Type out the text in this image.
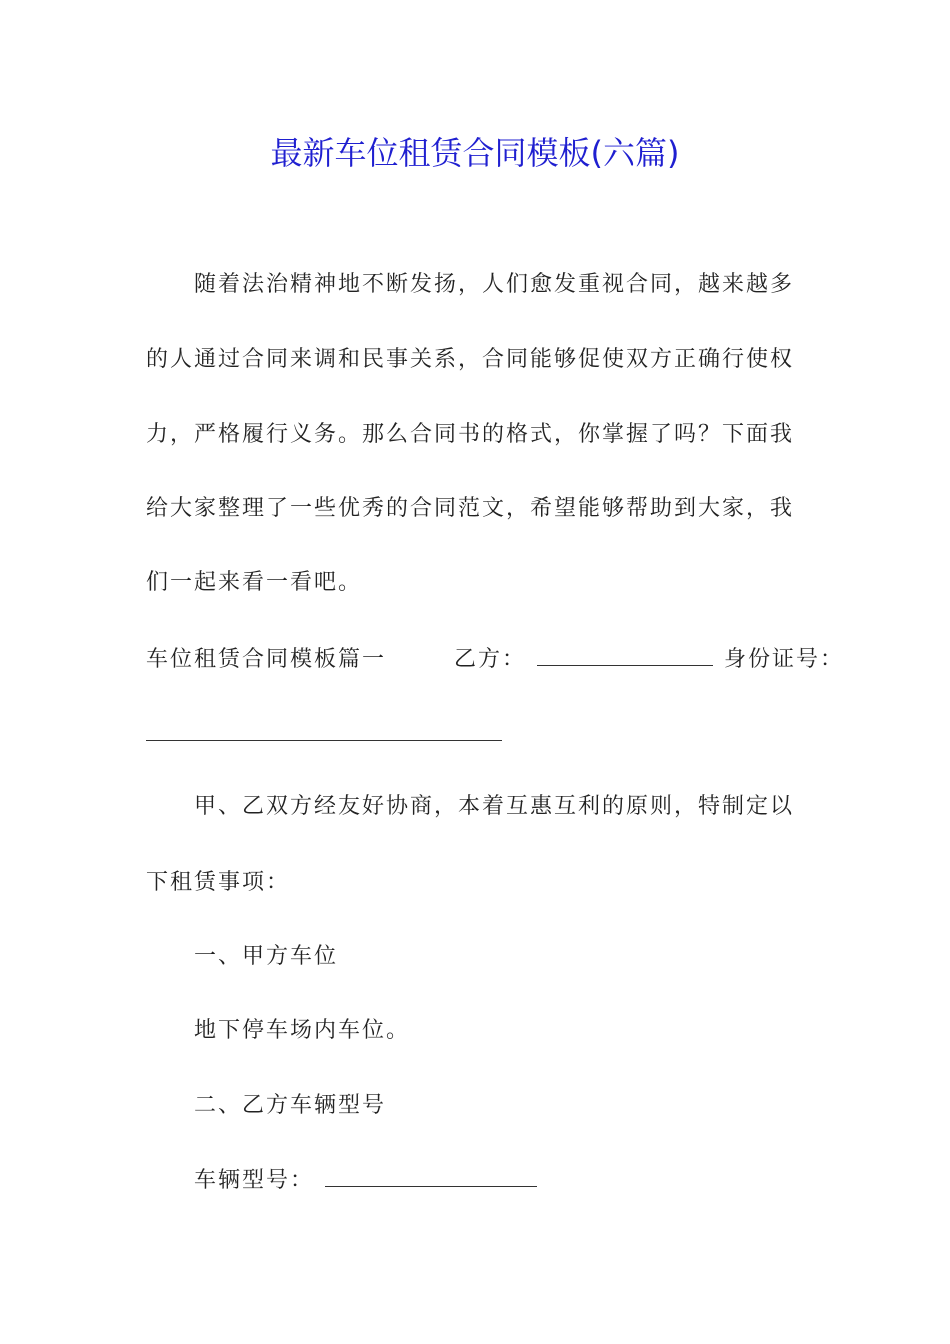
最新车位租赁合同模板(六篇)
随着法治精神地不断发扬，人们愈发重视合同，越来越多
的人通过合同来调和民事关系，合同能够促使双方正确行使权
力，严格履行义务。那么合同书的格式，你掌握了吗？下面我
给大家整理了一些优秀的合同范文，希望能够帮助到大家，我
们一起来看一看吧。
车位租赁合同模板篇一	乙方：	身份证号：
甲、乙双方经友好协商，本着互惠互利的原则，特制定以
下租赁事项：
一、甲方车位
地下停车场内车位。
二、乙方车辆型号
车辆型号：
